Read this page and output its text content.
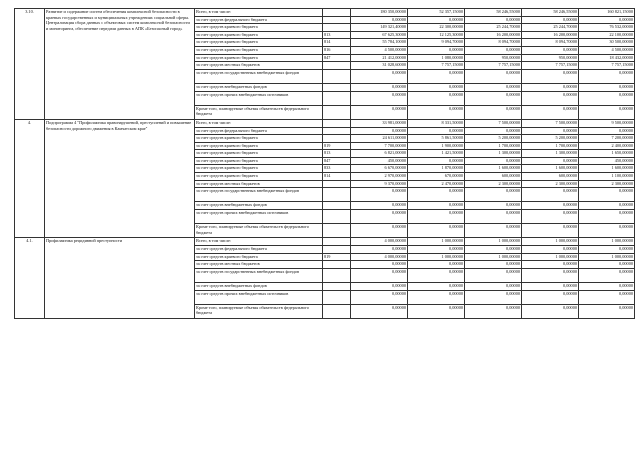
3.10.	Развитие и содержание систем обеспечения комплексной безопасности в краевых государственных и муниципальных учреждениях социальной сферы. Централизация сбора данных с объектовых систем комплексной безопасности и мониторинга, обеспечение передачи данных в АПК «Безопасный город»	Всего, в том числе:		180 350,00000	52 357,15000	58 246,55000	58 246,55000	160 821,15000
		за счет средств федерального бюджета		0,00000	0,00000	0,00000	0,00000	0,00000
		за счет средств краевого бюджета		149 321,40000	22 300,00000	25 244,70000	25 244,70000	76 532,00000
		за счет средств краевого бюджета	813	67 625,30000	12 125,30000	16 200,00000	16 200,00000	22 100,00000
		за счет средств краевого бюджета	814	55 784,10000	9 094,70000	8 094,70000	8 094,70000	30 500,00000
		за счет средств краевого бюджета	816	4 500,00000	0,00000	0,00000	0,00000	4 500,00000
		за счет средств краевого бюджета	847	21 412,00000	1 080,00000	950,00000	950,00000	18 432,00000
		за счет средств местных бюджетов		31 028,60000	7 757,15000	7 757,15000	7 757,15000	7 757,15000
		за счет средств государственных внебюджетных фондов		0,00000	0,00000	0,00000	0,00000	0,00000
		за счет средств внебюджетных фондов		0,00000	0,00000	0,00000	0,00000	0,00000
		за счет средств прочих внебюджетных источников		0,00000	0,00000	0,00000	0,00000	0,00000
		Кроме того, планируемые объемы обязательств федерального бюджета		0,00000	0,00000	0,00000	0,00000	0,00000
4.	Подпрограмма 4 "Профилактика правонарушений, преступлений и повышение безопасности дорожного движения в Камчатском крае"	Всего, в том числе:		33 981,00000	8 331,50000	7 500,00000	7 500,00000	9 500,00000
		за счет средств федерального бюджета		0,00000	0,00000	0,00000	0,00000	0,00000
		за счет средств краевого бюджета		24 611,00000	5 861,50000	5 200,00000	5 200,00000	7 200,00000
		за счет средств краевого бюджета	819	7 700,00000	1 900,00000	1 700,00000	1 700,00000	2 400,00000
		за счет средств краевого бюджета	813	6 821,00000	1 421,50000	1 300,00000	1 300,00000	1 650,00000
		за счет средств краевого бюджета	847	450,00000	0,00000	0,00000	0,00000	450,00000
		за счет средств краевого бюджета	833	6 670,00000	1 870,00000	1 600,00000	1 600,00000	1 600,00000
		за счет средств краевого бюджета	814	2 970,00000	670,00000	600,00000	600,00000	1 100,00000
		за счет средств местных бюджетов		9 370,00000	2 470,00000	2 300,00000	2 300,00000	2 300,00000
		за счет средств государственных внебюджетных фондов		0,00000	0,00000	0,00000	0,00000	0,00000
		за счет средств внебюджетных фондов		0,00000	0,00000	0,00000	0,00000	0,00000
		за счет средств прочих внебюджетных источников		0,00000	0,00000	0,00000	0,00000	0,00000
		Кроме того, планируемые объемы обязательств федерального бюджета		0,00000	0,00000	0,00000	0,00000	0,00000
4.1.	Профилактика рецидивной преступности	Всего, в том числе:		4 000,00000	1 000,00000	1 000,00000	1 000,00000	1 000,00000
		за счет средств федерального бюджета		0,00000	0,00000	0,00000	0,00000	0,00000
		за счет средств краевого бюджета	819	4 000,00000	1 000,00000	1 000,00000	1 000,00000	1 000,00000
		за счет средств местных бюджетов		0,00000	0,00000	0,00000	0,00000	0,00000
		за счет средств государственных внебюджетных фондов		0,00000	0,00000	0,00000	0,00000	0,00000
		за счет средств внебюджетных фондов		0,00000	0,00000	0,00000	0,00000	0,00000
		за счет средств прочих внебюджетных источников		0,00000	0,00000	0,00000	0,00000	0,00000
		Кроме того, планируемые объемы обязательств федерального бюджета		0,00000	0,00000	0,00000	0,00000	0,00000
